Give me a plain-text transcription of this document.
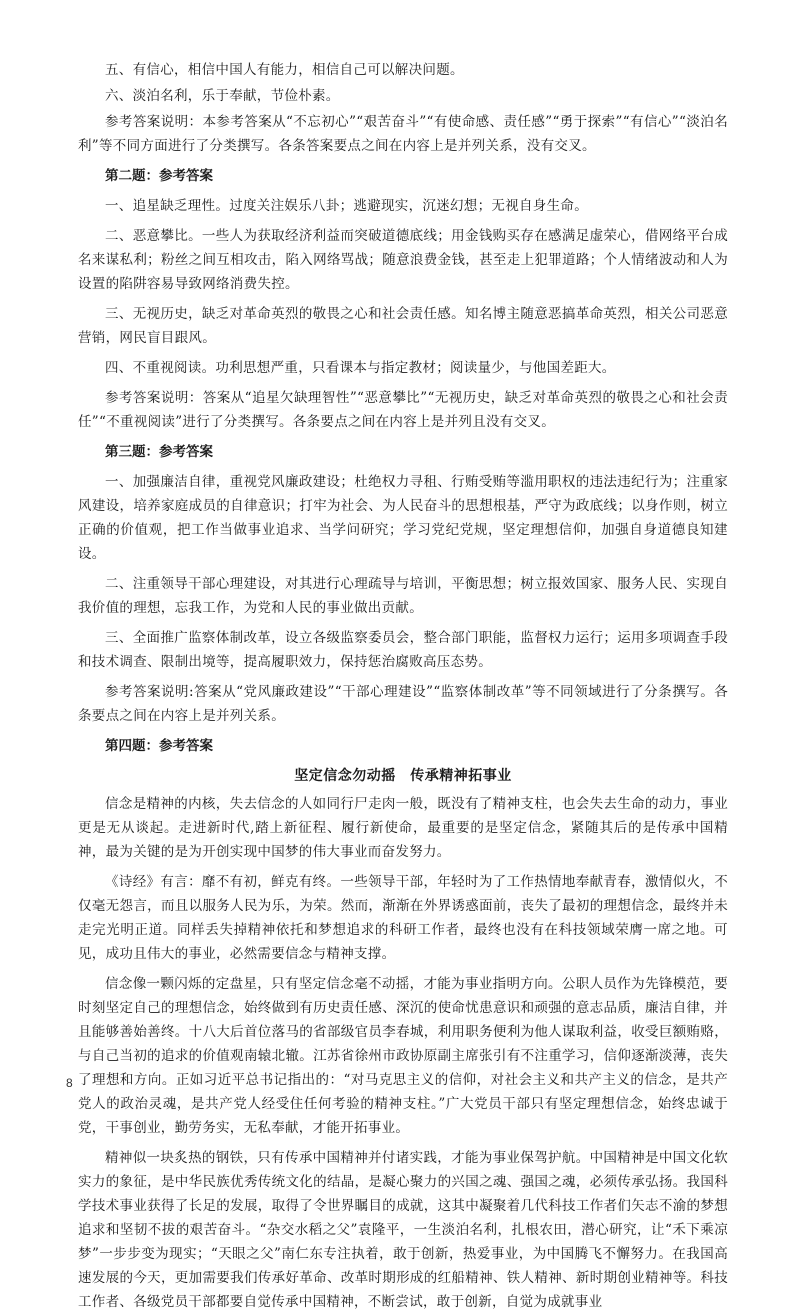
五、有信心，相信中国人有能力，相信自己可以解决问题。
六、淡泊名利，乐于奉献，节俭朴素。
参考答案说明：本参考答案从“不忘初心”“艰苦奋斗”“有使命感、责任感”“勇于探索”“有信心”“淡泊名利”等不同方面进行了分类撰写。各条答案要点之间在内容上是并列关系，没有交叉。
第二题：参考答案
一、追星缺乏理性。过度关注娱乐八卦；逃避现实，沉迷幻想；无视自身生命。
二、恶意攀比。一些人为获取经济利益而突破道德底线；用金钱购买存在感满足虚荣心，借网络平台成名来谋私利；粉丝之间互相攻击，陷入网络骂战；随意浪费金钱，甚至走上犯罪道路；个人情绪波动和人为设置的陷阱容易导致网络消费失控。
三、无视历史，缺乏对革命英烈的敬畏之心和社会责任感。知名博主随意恶搞革命英烈，相关公司恶意营销，网民盲目跟风。
四、不重视阅读。功利思想严重，只看课本与指定教材；阅读量少，与他国差距大。
参考答案说明：答案从“追星欠缺理智性”“恶意攀比”“无视历史，缺乏对革命英烈的敬畏之心和社会责任”“不重视阅读”进行了分类撰写。各条要点之间在内容上是并列且没有交叉。
第三题：参考答案
一、加强廉洁自律，重视党风廉政建设；杜绝权力寻租、行贿受贿等滥用职权的违法违纪行为；注重家风建设，培养家庭成员的自律意识；打牢为社会、为人民奋斗的思想根基，严守为政底线；以身作则，树立正确的价值观，把工作当做事业追求、当学问研究；学习党纪党规，坚定理想信仰，加强自身道德良知建设。
二、注重领导干部心理建设，对其进行心理疏导与培训，平衡思想；树立报效国家、服务人民、实现自我价值的理想，忘我工作，为党和人民的事业做出贡献。
三、全面推广监察体制改革，设立各级监察委员会，整合部门职能，监督权力运行；运用多项调查手段和技术调查、限制出境等，提高履职效力，保持惩治腐败高压态势。
参考答案说明:答案从“党风廉政建设”“干部心理建设”“监察体制改革”等不同领域进行了分条撰写。各条要点之间在内容上是并列关系。
第四题：参考答案
坚定信念勿动摇　传承精神拓事业
信念是精神的内核，失去信念的人如同行尸走肉一般，既没有了精神支柱，也会失去生命的动力，事业更是无从谈起。走进新时代,踏上新征程、履行新使命，最重要的是坚定信念，紧随其后的是传承中国精神，最为关键的是为开创实现中国梦的伟大事业而奋发努力。
《诗经》有言：靡不有初，鲜克有终。一些领导干部，年轻时为了工作热情地奉献青春，激情似火，不仅毫无怨言，而且以服务人民为乐，为荣。然而，渐渐在外界诱惑面前，丧失了最初的理想信念，最终并未走完光明正道。同样丢失掉精神依托和梦想追求的科研工作者，最终也没有在科技领域荣膺一席之地。可见，成功且伟大的事业，必然需要信念与精神支撑。
信念像一颗闪烁的定盘星，只有坚定信念毫不动摇，才能为事业指明方向。公职人员作为先锋模范，要时刻坚定自己的理想信念，始终做到有历史责任感、深沉的使命忧患意识和顽强的意志品质，廉洁自律，并且能够善始善终。十八大后首位落马的省部级官员李春城，利用职务便利为他人谋取利益，收受巨额贿赂，与自己当初的追求的价值观南辕北辙。江苏省徐州市政协原副主席张引有不注重学习，信仰逐渐淡薄，丧失了理想和方向。正如习近平总书记指出的：“对马克思主义的信仰，对社会主义和共产主义的信念，是共产党人的政治灵魂，是共产党人经受住任何考验的精神支柱。”广大党员干部只有坚定理想信念，始终忠诚于党，干事创业，勤劳务实，无私奉献，才能开拓事业。
精神似一块炙热的钢铁，只有传承中国精神并付诸实践，才能为事业保驾护航。中国精神是中国文化软实力的象征，是中华民族优秀传统文化的结晶，是凝心聚力的兴国之魂、强国之魂，必须传承弘扬。我国科学技术事业获得了长足的发展，取得了令世界瞩目的成就，这其中凝聚着几代科技工作者们矢志不渝的梦想追求和坚韧不拔的艰苦奋斗。“杂交水稻之父”袁隆平，一生淡泊名利，扎根农田，潜心研究，让“禾下乘凉梦”一步步变为现实；“天眼之父”南仁东专注执着，敢于创新，热爱事业，为中国腾飞不懈努力。在我国高速发展的今天，更加需要我们传承好革命、改革时期形成的红船精神、铁人精神、新时期创业精神等。科技工作者、各级党员干部都要自觉传承中国精神，不断尝试，敢于创新，自觉为成就事业
8
